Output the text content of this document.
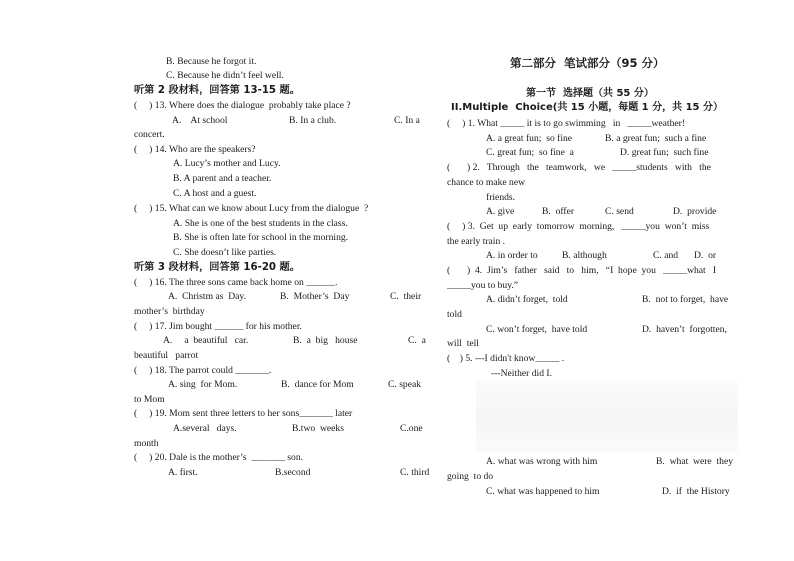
B. Because he forgot it.
C. Because he didn’t feel well.
听第 2 段材料，回答第 13-15 题。
(     ) 13. Where does the dialogue  probably take place ?
A.    At school	B. In a club.	C. In a
concert.
(     ) 14. Who are the speakers?
A. Lucy’s mother and Lucy.
B. A parent and a teacher.
C. A host and a guest.
(     ) 15. What can we know about Lucy from the dialogue  ?
A. She is one of the best students in the class.
B. She is often late for school in the morning.
C. She doesn’t like parties.
听第 3 段材料，回答第 16-20 题。
(     ) 16. The three sons came back home on ______.
A.  Christm as  Day.	B.  Mother’s  Day	C.  their
mother’s  birthday
(     ) 17. Jim bought ______ for his mother.
A.     a  beautiful   car.	B.  a  big   house	C.  a
beautiful   parrot
(     ) 18. The parrot could _______.
A. sing  for Mom.	B.  dance for Mom	C. speak
to Mom
(     ) 19. Mom sent three letters to her sons_______ later
A.several   days.	B.two  weeks	C.one
month
(     ) 20. Dale is the mother’s  _______ son.
A. first.	B.second	C. third
第二部分  笔试部分（95 分）
第一节  选择题（共 55 分）
II.Multiple  Choice(共 15 小题，每题 1 分，共 15 分）
(     ) 1. What _____ it is to go swimming   in   _____weather!
A. a great fun;  so fine	B. a great fun;  such a fine
C. great fun;  so fine  a	D. great fun;  such fine
(       ) 2.   Through   the   teamwork,   we   _____students   with   the
chance to make new
friends.
A. give	B.  offer	C. send	D.  provide
(     ) 3.  Get  up  early  tomorrow  morning,   _____you  won’t  miss
the early train .
A. in order to	B. although	C. and D.  or
(       )  4.  Jim’s   father   said   to   him,   “I  hope  you   _____what   I
_____you to buy.”
A. didn’t forget,  told	B.  not to forget,  have
told
C. won’t forget,  have told	D.  haven’t  forgotten,
will  tell
(    ) 5. ---I didn't know_____ .
---Neither did I.
A. what was wrong with him	B.  what  were  they
going  to do
C. what was happened to him	D.  if  the History
